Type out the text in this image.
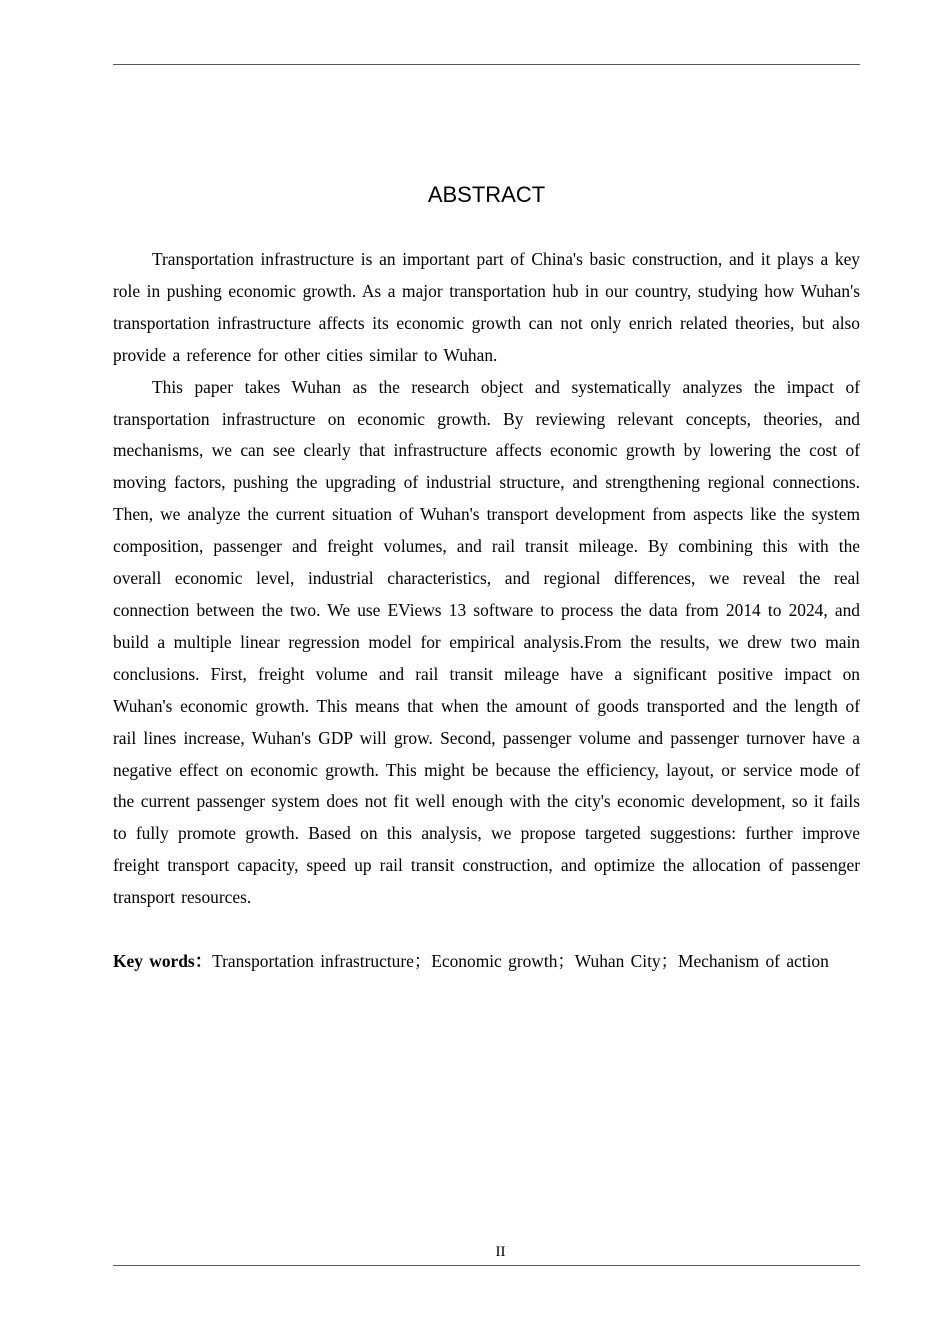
ABSTRACT

Transportation infrastructure is an important part of China's basic construction, and it plays a key role in pushing economic growth. As a major transportation hub in our country, studying how Wuhan's transportation infrastructure affects its economic growth can not only enrich related theories, but also provide a reference for other cities similar to Wuhan.

This paper takes Wuhan as the research object and systematically analyzes the impact of transportation infrastructure on economic growth. By reviewing relevant concepts, theories, and mechanisms, we can see clearly that infrastructure affects economic growth by lowering the cost of moving factors, pushing the upgrading of industrial structure, and strengthening regional connections. Then, we analyze the current situation of Wuhan's transport development from aspects like the system composition, passenger and freight volumes, and rail transit mileage. By combining this with the overall economic level, industrial characteristics, and regional differences, we reveal the real connection between the two. We use EViews 13 software to process the data from 2014 to 2024, and build a multiple linear regression model for empirical analysis.From the results, we drew two main conclusions. First, freight volume and rail transit mileage have a significant positive impact on Wuhan's economic growth. This means that when the amount of goods transported and the length of rail lines increase, Wuhan's GDP will grow. Second, passenger volume and passenger turnover have a negative effect on economic growth. This might be because the efficiency, layout, or service mode of the current passenger system does not fit well enough with the city's economic development, so it fails to fully promote growth. Based on this analysis, we propose targeted suggestions: further improve freight transport capacity, speed up rail transit construction, and optimize the allocation of passenger transport resources.

Key words：Transportation infrastructure；Economic growth；Wuhan City；Mechanism of action
II
